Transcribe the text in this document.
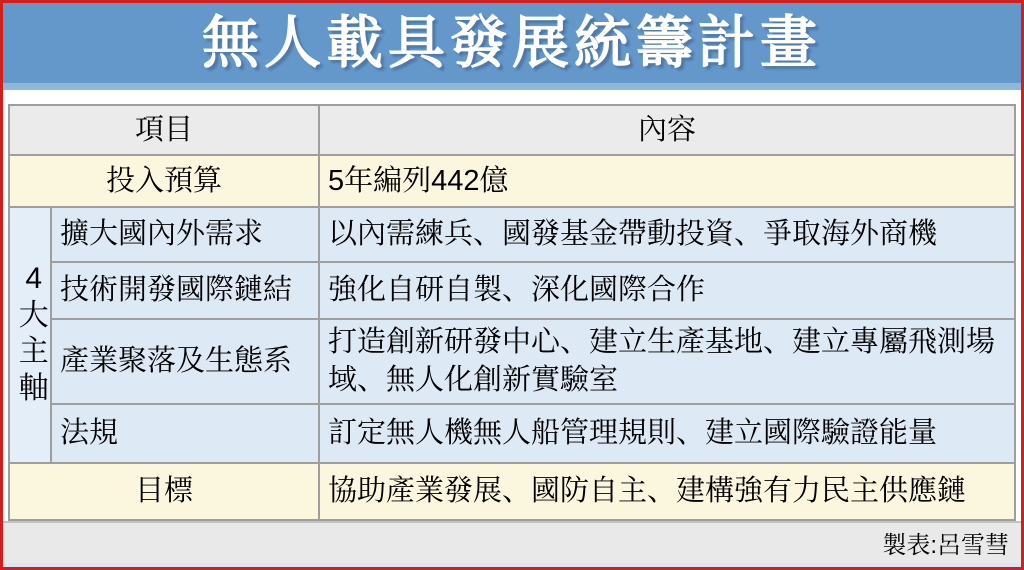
無人載具發展統籌計畫
項目		內容
投入預算		5年編列442億
4大主軸	擴大國內外需求	以內需練兵、國發基金帶動投資、爭取海外商機
	技術開發國際鏈結	強化自研自製、深化國際合作
	產業聚落及生態系	打造創新研發中心、建立生產基地、建立專屬飛測場域、無人化創新實驗室
	法規	訂定無人機無人船管理規則、建立國際驗證能量
目標		協助產業發展、國防自主、建構強有力民主供應鏈
製表:呂雪彗
